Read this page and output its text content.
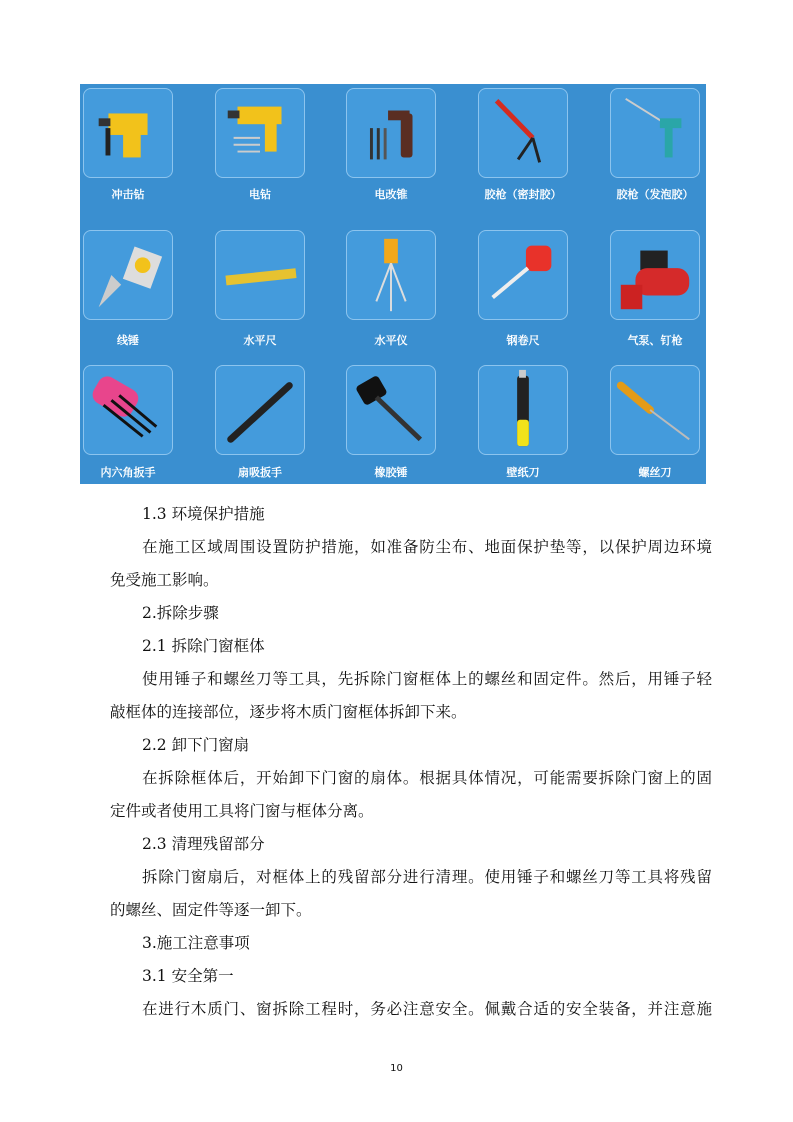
冲击钻	电钻	电改锥	胶枪（密封胶）	胶枪（发泡胶）
线锤	水平尺	水平仪	钢卷尺	气泵、钉枪
内六角扳手	扇吸扳手	橡胶锤	壁纸刀	螺丝刀
1.3 环境保护措施
在施工区域周围设置防护措施，如准备防尘布、地面保护垫等，以保护周边环境
免受施工影响。
2.拆除步骤
2.1 拆除门窗框体
使用锤子和螺丝刀等工具，先拆除门窗框体上的螺丝和固定件。然后，用锤子轻
敲框体的连接部位，逐步将木质门窗框体拆卸下来。
2.2 卸下门窗扇
在拆除框体后，开始卸下门窗的扇体。根据具体情况，可能需要拆除门窗上的固
定件或者使用工具将门窗与框体分离。
2.3 清理残留部分
拆除门窗扇后，对框体上的残留部分进行清理。使用锤子和螺丝刀等工具将残留
的螺丝、固定件等逐一卸下。
3.施工注意事项
3.1 安全第一
在进行木质门、窗拆除工程时，务必注意安全。佩戴合适的安全装备，并注意施
10
